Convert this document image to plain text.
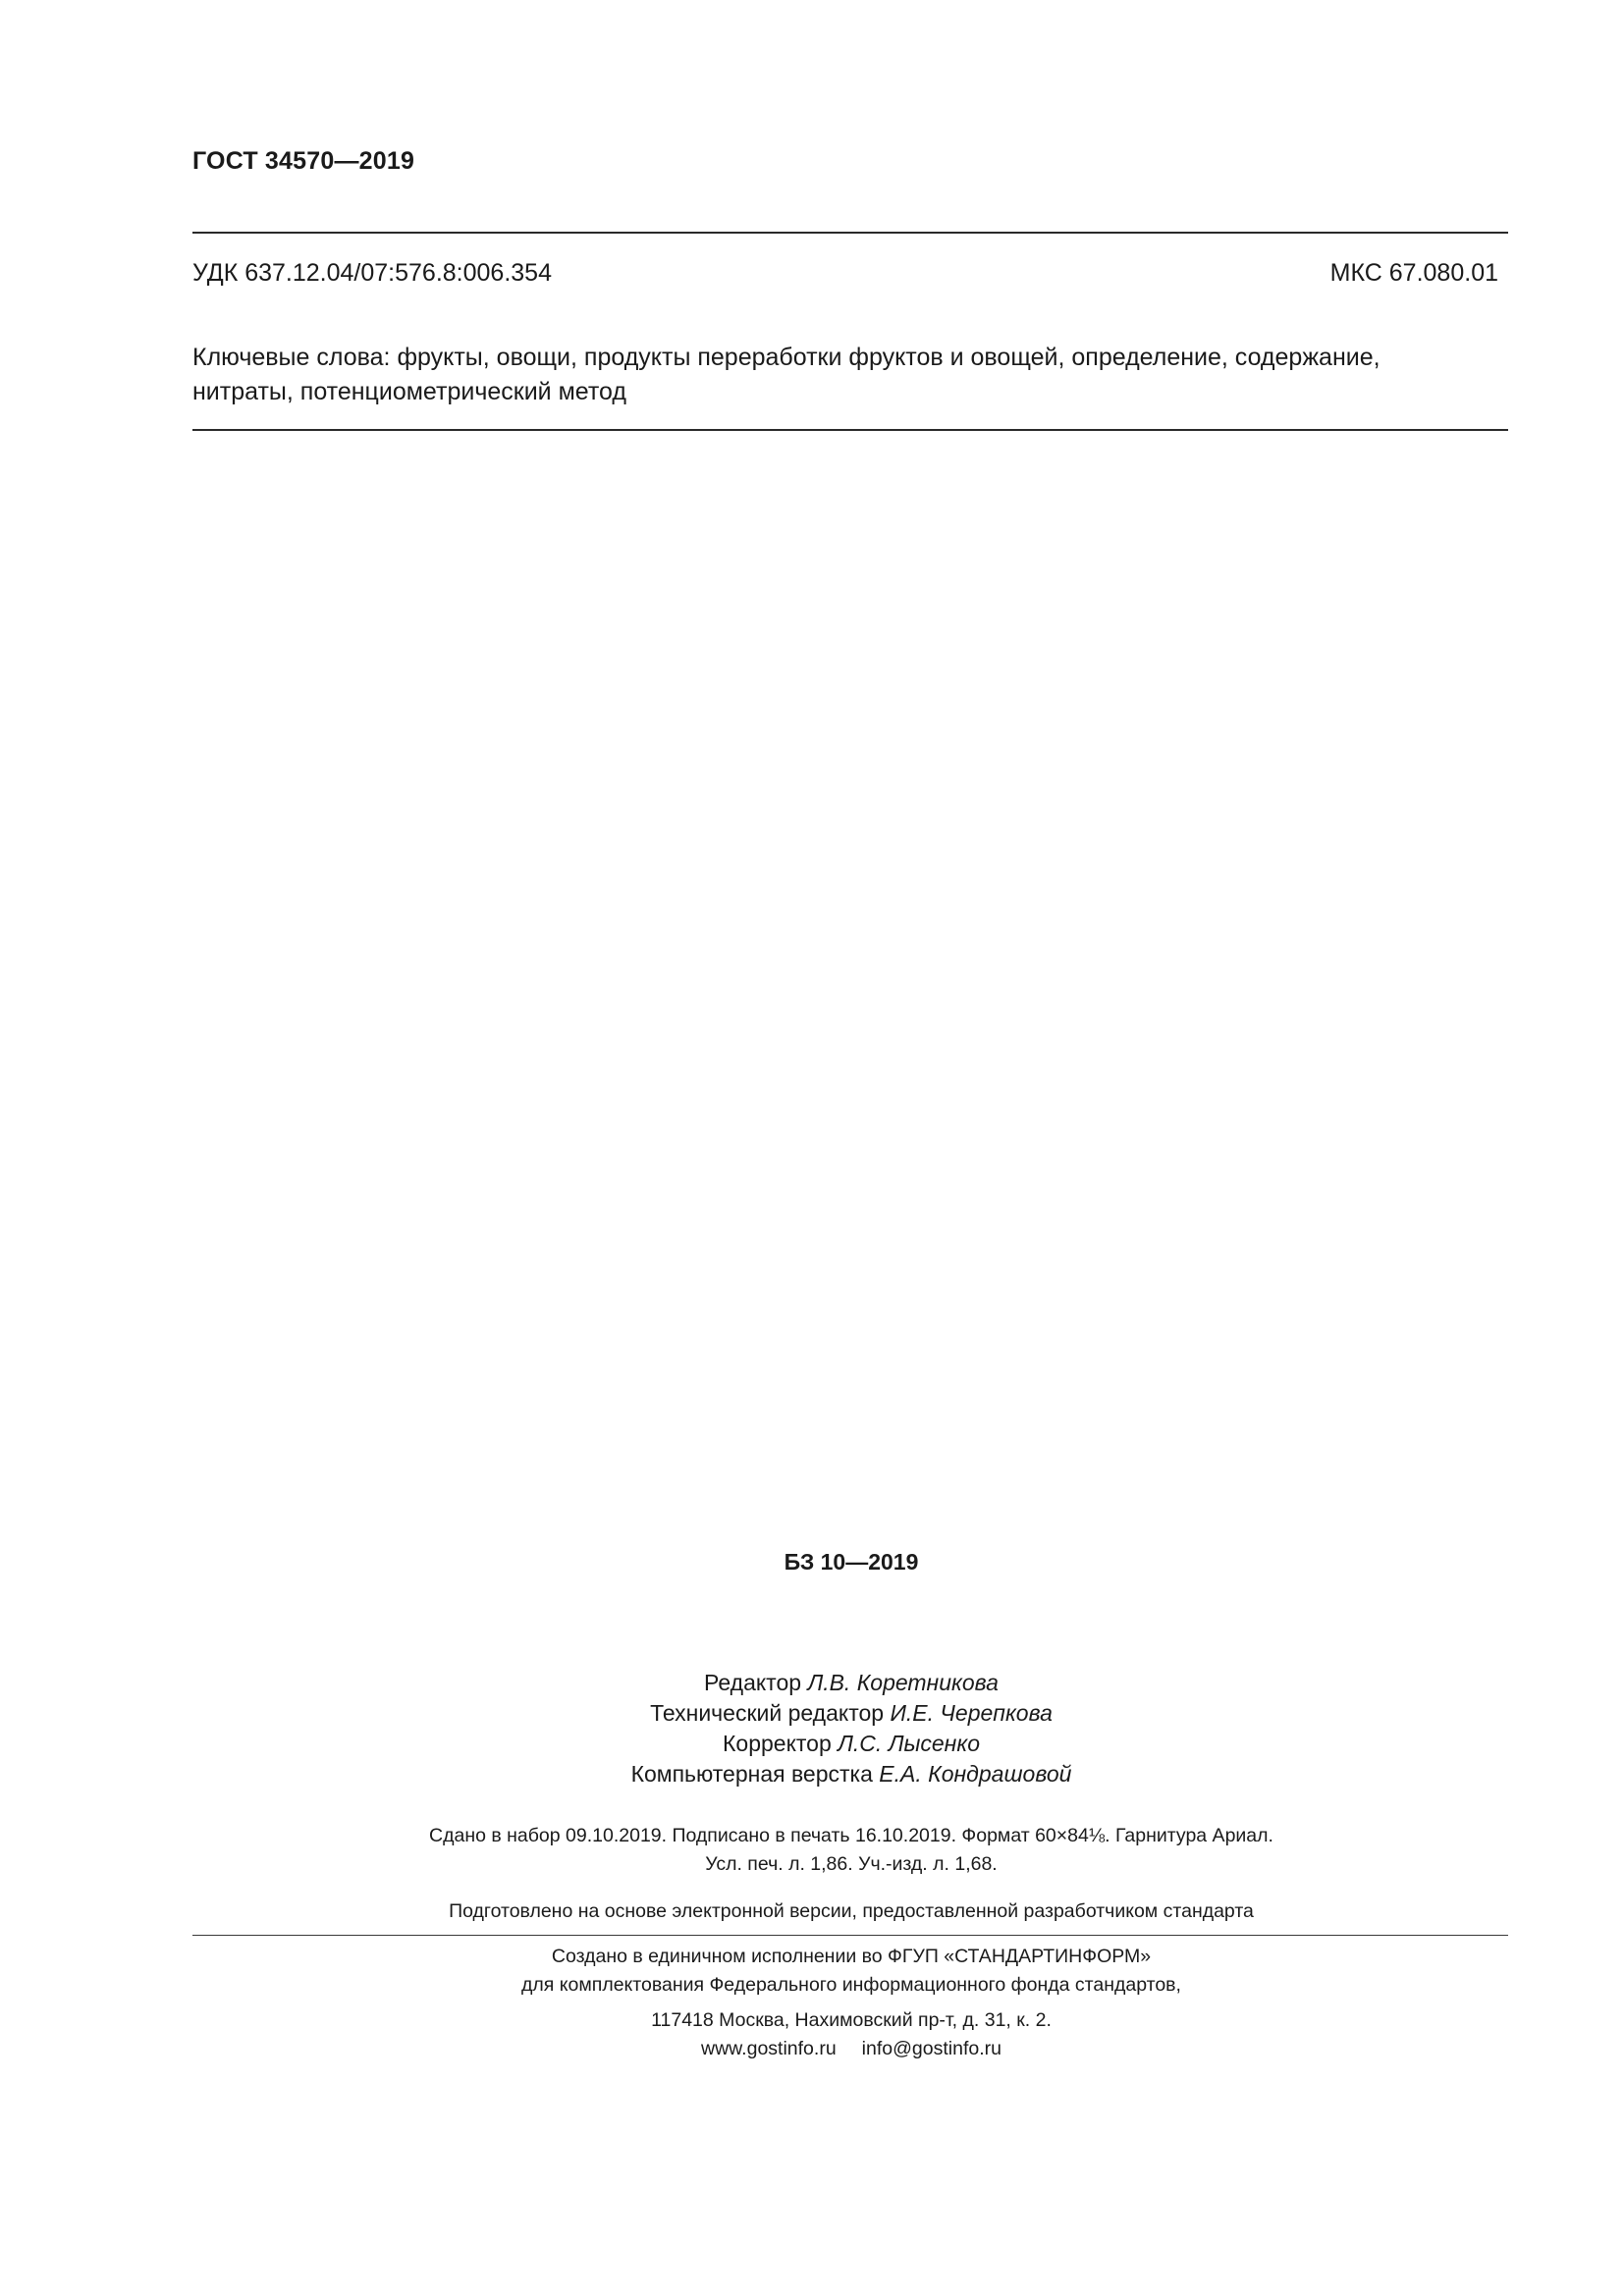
ГОСТ 34570—2019
УДК 637.12.04/07:576.8:006.354	МКС 67.080.01
Ключевые слова: фрукты, овощи, продукты переработки фруктов и овощей, определение, содержание,
нитраты, потенциометрический метод
БЗ 10—2019
Редактор Л.В. Коретникова
Технический редактор И.Е. Черепкова
Корректор Л.С. Лысенко
Компьютерная верстка Е.А. Кондрашовой
Сдано в набор 09.10.2019. Подписано в печать 16.10.2019. Формат 60×84⅛. Гарнитура Ариал.
Усл. печ. л. 1,86. Уч.-изд. л. 1,68.
Подготовлено на основе электронной версии, предоставленной разработчиком стандарта
Создано в единичном исполнении во ФГУП «СТАНДАРТИНФОРМ»
для комплектования Федерального информационного фонда стандартов,
117418 Москва, Нахимовский пр-т, д. 31, к. 2.
www.gostinfo.ru info@gostinfo.ru
